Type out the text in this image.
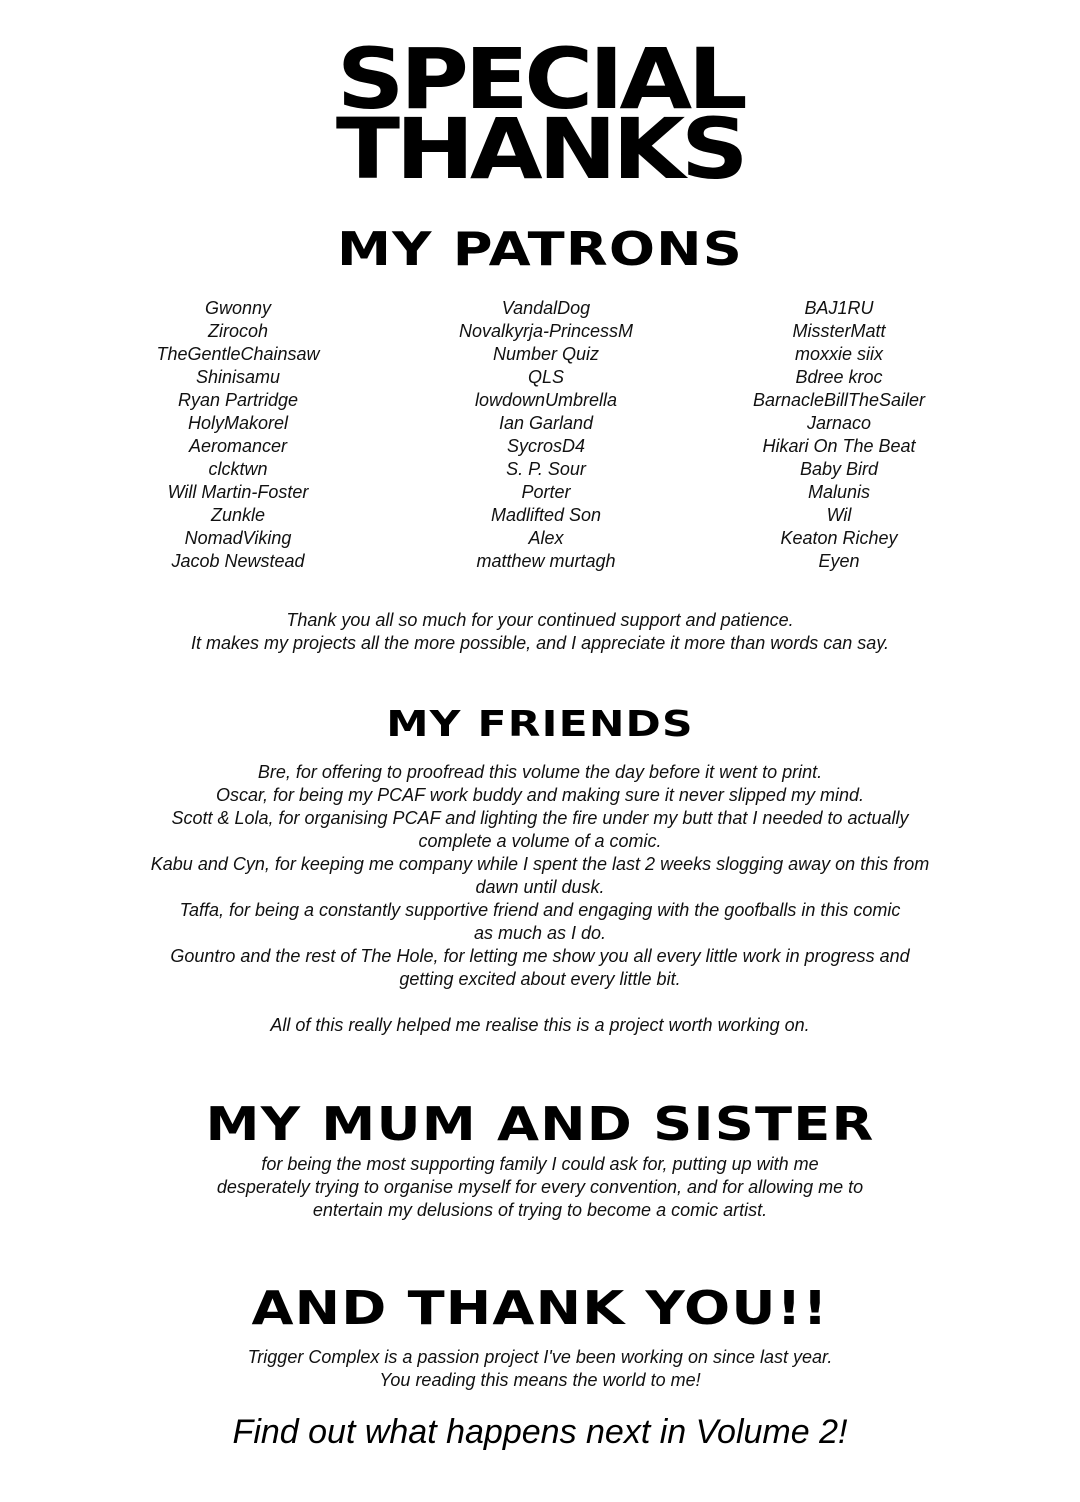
SPECIAL
THANKS
MY PATRONS
Gwonny
Zirocoh
TheGentleChainsaw
Shinisamu
Ryan Partridge
HolyMakorel
Aeromancer
clcktwn
Will Martin-Foster
Zunkle
NomadViking
Jacob Newstead
VandalDog
Novalkyrja-PrincessM
Number Quiz
QLS
lowdownUmbrella
Ian Garland
SycrosD4
S. P. Sour
Porter
Madlifted Son
Alex
matthew murtagh
BAJ1RU
MissterMatt
moxxie siix
Bdree kroc
BarnacleBillTheSailer
Jarnaco
Hikari On The Beat
Baby Bird
Malunis
Wil
Keaton Richey
Eyen
Thank you all so much for your continued support and patience.
It makes my projects all the more possible, and I appreciate it more than words can say.
MY FRIENDS
Bre, for offering to proofread this volume the day before it went to print.
Oscar, for being my PCAF work buddy and making sure it never slipped my mind.
Scott & Lola, for organising PCAF and lighting the fire under my butt that I needed to actually
complete a volume of a comic.
Kabu and Cyn, for keeping me company while I spent the last 2 weeks slogging away on this from
dawn until dusk.
Taffa, for being a constantly supportive friend and engaging with the goofballs in this comic
as much as I do.
Gountro and the rest of The Hole, for letting me show you all every little work in progress and
getting excited about every little bit.
All of this really helped me realise this is a project worth working on.
MY MUM AND SISTER
for being the most supporting family I could ask for, putting up with me
desperately trying to organise myself for every convention, and for allowing me to
entertain my delusions of trying to become a comic artist.
AND THANK YOU!!
Trigger Complex is a passion project I've been working on since last year.
You reading this means the world to me!
Find out what happens next in Volume 2!
